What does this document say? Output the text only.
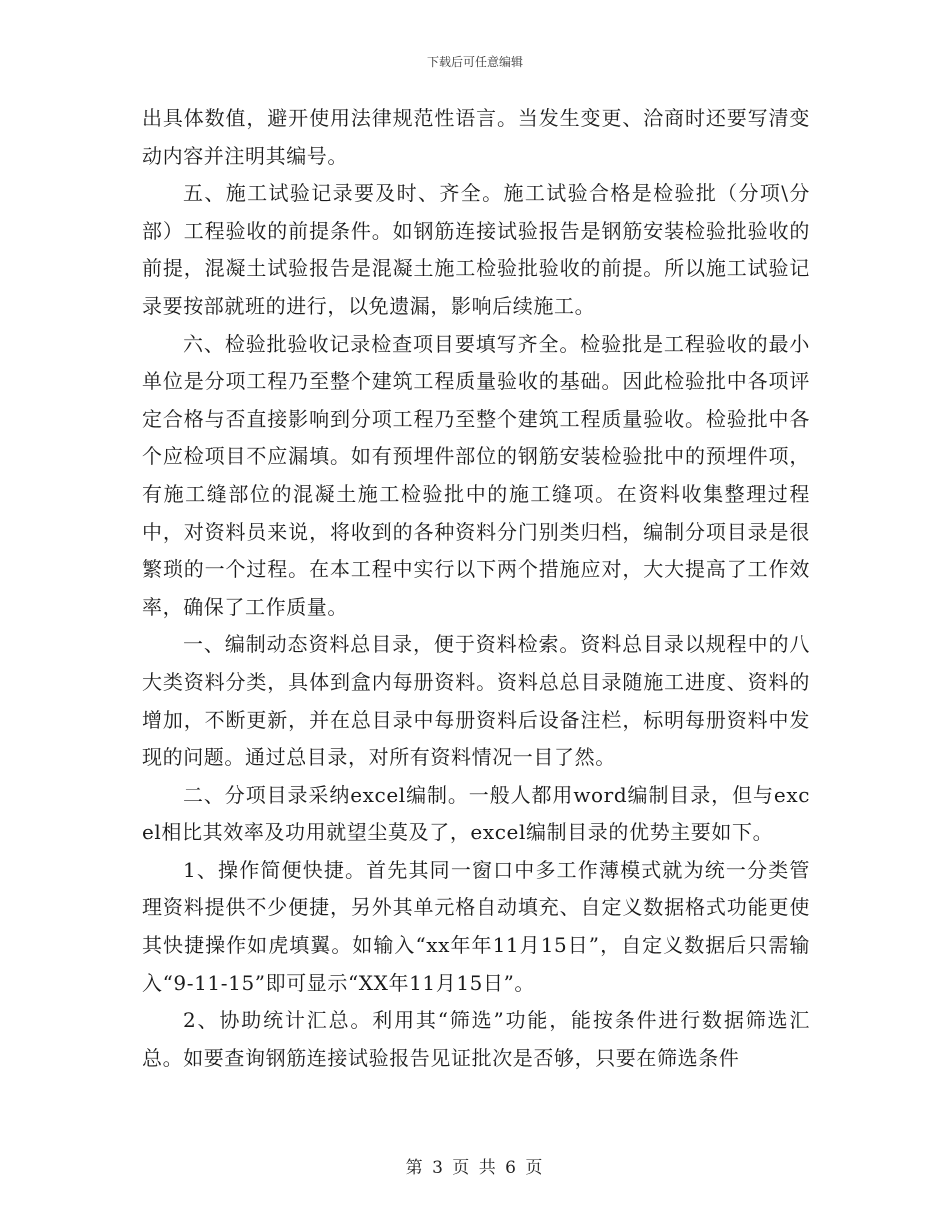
下载后可任意编辑

出具体数值，避开使用法律规范性语言。当发生变更、洽商时还要写清变动内容并注明其编号。

五、施工试验记录要及时、齐全。施工试验合格是检验批（分项\分部）工程验收的前提条件。如钢筋连接试验报告是钢筋安装检验批验收的前提，混凝土试验报告是混凝土施工检验批验收的前提。所以施工试验记录要按部就班的进行，以免遗漏，影响后续施工。

六、检验批验收记录检查项目要填写齐全。检验批是工程验收的最小单位是分项工程乃至整个建筑工程质量验收的基础。因此检验批中各项评定合格与否直接影响到分项工程乃至整个建筑工程质量验收。检验批中各个应检项目不应漏填。如有预埋件部位的钢筋安装检验批中的预埋件项，有施工缝部位的混凝土施工检验批中的施工缝项。在资料收集整理过程中，对资料员来说，将收到的各种资料分门别类归档，编制分项目录是很繁琐的一个过程。在本工程中实行以下两个措施应对，大大提高了工作效率，确保了工作质量。

一、编制动态资料总目录，便于资料检索。资料总目录以规程中的八大类资料分类，具体到盒内每册资料。资料总总目录随施工进度、资料的增加，不断更新，并在总目录中每册资料后设备注栏，标明每册资料中发现的问题。通过总目录，对所有资料情况一目了然。

二、分项目录采纳excel编制。一般人都用word编制目录，但与excel相比其效率及功用就望尘莫及了，excel编制目录的优势主要如下。

1、操作简便快捷。首先其同一窗口中多工作薄模式就为统一分类管理资料提供不少便捷，另外其单元格自动填充、自定义数据格式功能更使其快捷操作如虎填翼。如输入“xx年年11月15日”，自定义数据后只需输入“9-11-15”即可显示“XX年11月15日”。

2、协助统计汇总。利用其“筛选”功能，能按条件进行数据筛选汇总。如要查询钢筋连接试验报告见证批次是否够，只要在筛选条件

第 3 页 共 6 页
